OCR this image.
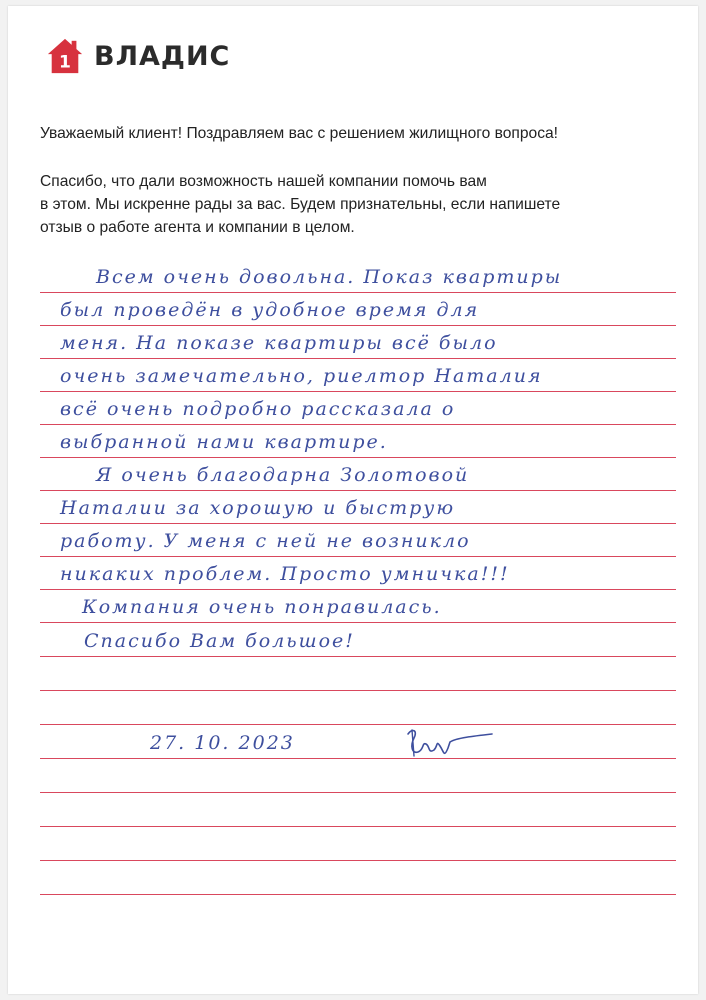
1 ВЛАДИС
Уважаемый клиент! Поздравляем вас с решением жилищного вопроса!
Спасибо, что дали возможность нашей компании помочь вам
в этом. Мы искренне рады за вас. Будем признательны, если напишете
отзыв о работе агента и компании в целом.
Всем очень довольна. Показ квартиры
был проведён в удобное время для
меня. На показе квартиры всё было
очень замечательно, риелтор Наталия
всё очень подробно рассказала о
выбранной нами квартире.
Я очень благодарна Золотовой
Наталии за хорошую и быструю
работу. У меня с ней не возникло
никаких проблем. Просто умничка!!!
Компания очень понравилась.
Спасибо Вам большое!
27. 10. 2023
